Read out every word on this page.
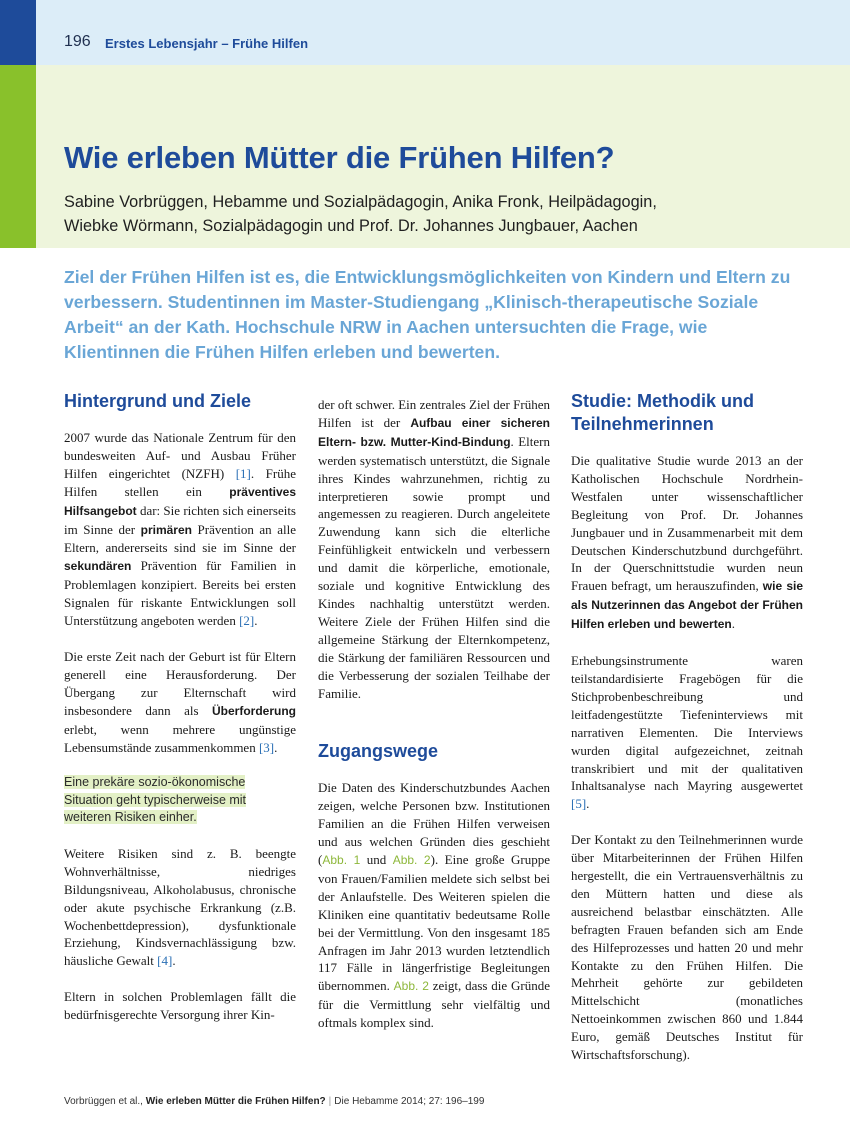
196 Erstes Lebensjahr – Frühe Hilfen
Wie erleben Mütter die Frühen Hilfen?
Sabine Vorbrüggen, Hebamme und Sozialpädagogin, Anika Fronk, Heilpädagogin,
Wiebke Wörmann, Sozialpädagogin und Prof. Dr. Johannes Jungbauer, Aachen

Ziel der Frühen Hilfen ist es, die Entwicklungsmöglichkeiten von Kindern und Eltern zu verbessern. Studentinnen im Master-Studiengang „Klinisch-therapeutische Soziale Arbeit“ an der Kath. Hochschule NRW in Aachen untersuchten die Frage, wie Klientinnen die Frühen Hilfen erleben und bewerten.

Hintergrund und Ziele

2007 wurde das Nationale Zentrum für den bundesweiten Auf- und Ausbau Früher Hilfen eingerichtet (NZFH) [1]. Frühe Hilfen stellen ein präventives Hilfsangebot dar: Sie richten sich einerseits im Sinne der primären Prävention an alle Eltern, andererseits sind sie im Sinne der sekundären Prävention für Familien in Problemlagen konzipiert. Bereits bei ersten Signalen für riskante Entwicklungen soll Unterstützung angeboten werden [2].

Die erste Zeit nach der Geburt ist für Eltern generell eine Herausforderung. Der Übergang zur Elternschaft wird insbesondere dann als Überforderung erlebt, wenn mehrere ungünstige Lebensumstände zusammenkommen [3].

Eine prekäre sozio-ökonomische
Situation geht typischerweise mit
weiteren Risiken einher.

Weitere Risiken sind z. B. beengte Wohnverhältnisse, niedriges Bildungsniveau, Alkoholabusus, chronische oder akute psychische Erkrankung (z.B. Wochenbettdepression), dysfunktionale Erziehung, Kindsvernachlässigung bzw. häusliche Gewalt [4].

Eltern in solchen Problemlagen fällt die bedürfnisgerechte Versorgung ihrer Kin-

der oft schwer. Ein zentrales Ziel der Frühen Hilfen ist der Aufbau einer sicheren Eltern- bzw. Mutter-Kind-Bindung. Eltern werden systematisch unterstützt, die Signale ihres Kindes wahrzunehmen, richtig zu interpretieren sowie prompt und angemessen zu reagieren. Durch angeleitete Zuwendung kann sich die elterliche Feinfühligkeit entwickeln und verbessern und damit die körperliche, emotionale, soziale und kognitive Entwicklung des Kindes nachhaltig unterstützt werden. Weitere Ziele der Frühen Hilfen sind die allgemeine Stärkung der Elternkompetenz, die Stärkung der familiären Ressourcen und die Verbesserung der sozialen Teilhabe der Familie.

Zugangswege

Die Daten des Kinderschutzbundes Aachen zeigen, welche Personen bzw. Institutionen Familien an die Frühen Hilfen verweisen und aus welchen Gründen dies geschieht (Abb. 1 und Abb. 2). Eine große Gruppe von Frauen/Familien meldete sich selbst bei der Anlaufstelle. Des Weiteren spielen die Kliniken eine quantitativ bedeutsame Rolle bei der Vermittlung. Von den insgesamt 185 Anfragen im Jahr 2013 wurden letztendlich 117 Fälle in längerfristige Begleitungen übernommen. Abb. 2 zeigt, dass die Gründe für die Vermittlung sehr vielfältig und oftmals komplex sind.

Studie: Methodik und Teilnehmerinnen

Die qualitative Studie wurde 2013 an der Katholischen Hochschule Nordrhein-Westfalen unter wissenschaftlicher Begleitung von Prof. Dr. Johannes Jungbauer und in Zusammenarbeit mit dem Deutschen Kinderschutzbund durchgeführt. In der Querschnittstudie wurden neun Frauen befragt, um herauszufinden, wie sie als Nutzerinnen das Angebot der Frühen Hilfen erleben und bewerten.

Erhebungsinstrumente waren teilstandardisierte Fragebögen für die Stichprobenbeschreibung und leitfadengestützte Tiefeninterviews mit narrativen Elementen. Die Interviews wurden digital aufgezeichnet, zeitnah transkribiert und mit der qualitativen Inhaltsanalyse nach Mayring ausgewertet [5].

Der Kontakt zu den Teilnehmerinnen wurde über Mitarbeiterinnen der Frühen Hilfen hergestellt, die ein Vertrauensverhältnis zu den Müttern hatten und diese als ausreichend belastbar einschätzten. Alle befragten Frauen befanden sich am Ende des Hilfeprozesses und hatten 20 und mehr Kontakte zu den Frühen Hilfen. Die Mehrheit gehörte zur gebildeten Mittelschicht (monatliches Nettoeinkommen zwischen 860 und 1.844 Euro, gemäß Deutsches Institut für Wirtschaftsforschung).

Vorbrüggen et al., Wie erleben Mütter die Frühen Hilfen? | Die Hebamme 2014; 27: 196–199
